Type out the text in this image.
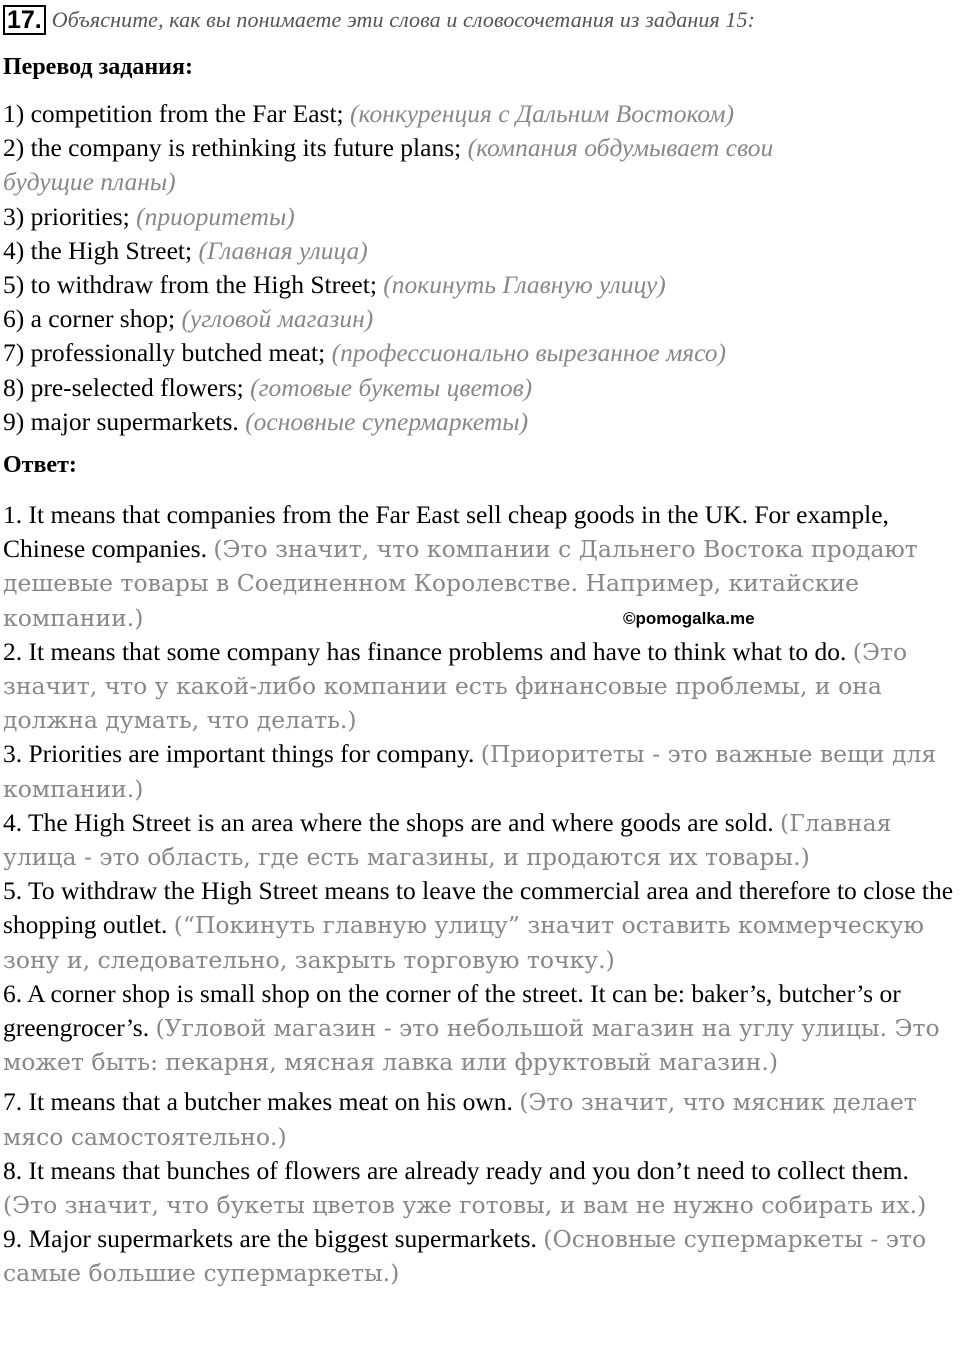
17. Объясните, как вы понимаете эти слова и словосочетания из задания 15:
Перевод задания:
1) competition from the Far East; (конкуренция с Дальним Востоком)
2) the company is rethinking its future plans; (компания обдумывает свои
будущие планы)
3) priorities; (приоритеты)
4) the High Street; (Главная улица)
5) to withdraw from the High Street; (покинуть Главную улицу)
6) a corner shop; (угловой магазин)
7) professionally butched meat; (профессионально вырезанное мясо)
8) pre-selected flowers; (готовые букеты цветов)
9) major supermarkets. (основные супермаркеты)
Ответ:

1. It means that companies from the Far East sell cheap goods in the UK. For example, Chinese companies. (Это значит, что компании с Дальнего Востока продают дешевые товары в Соединенном Королевстве. Например, китайские компании.)

2. It means that some company has finance problems and have to think what to do. (Это значит, что у какой-либо компании есть финансовые проблемы, и она должна думать, что делать.)

3. Priorities are important things for company. (Приоритеты - это важные вещи для компании.)

4. The High Street is an area where the shops are and where goods are sold. (Главная улица - это область, где есть магазины, и продаются их товары.)

5. To withdraw the High Street means to leave the commercial area and therefore to close the shopping outlet. (“Покинуть главную улицу” значит оставить коммерческую зону и, следовательно, закрыть торговую точку.)

6. A corner shop is small shop on the corner of the street. It can be: baker’s, butcher’s or greengrocer’s. (Угловой магазин - это небольшой магазин на углу улицы. Это может быть: пекарня, мясная лавка или фруктовый магазин.)

7. It means that a butcher makes meat on his own. (Это значит, что мясник делает мясо самостоятельно.)

8. It means that bunches of flowers are already ready and you don’t need to collect them. (Это значит, что букеты цветов уже готовы, и вам не нужно собирать их.)

9. Major supermarkets are the biggest supermarkets. (Основные супермаркеты - это самые большие супермаркеты.)

©pomogalka.me
